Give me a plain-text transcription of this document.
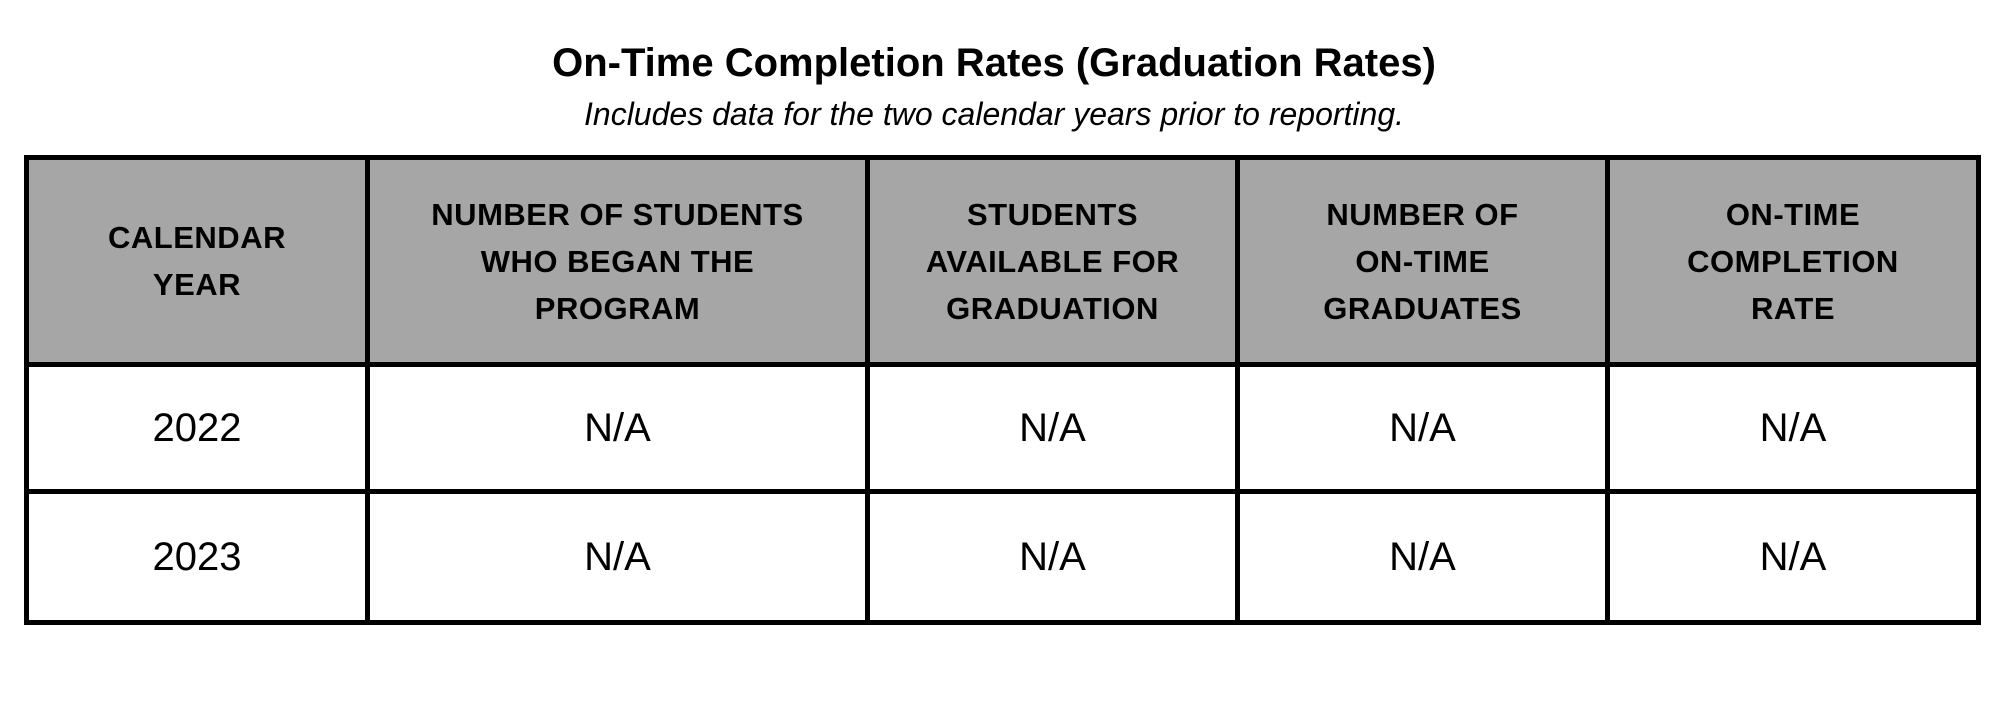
On-Time Completion Rates (Graduation Rates)
Includes data for the two calendar years prior to reporting.
CALENDAR YEAR	NUMBER OF STUDENTS WHO BEGAN THE PROGRAM	STUDENTS AVAILABLE FOR GRADUATION	NUMBER OF ON-TIME GRADUATES	ON-TIME COMPLETION RATE

2022	N/A	N/A	N/A	N/A
2023	N/A	N/A	N/A	N/A
